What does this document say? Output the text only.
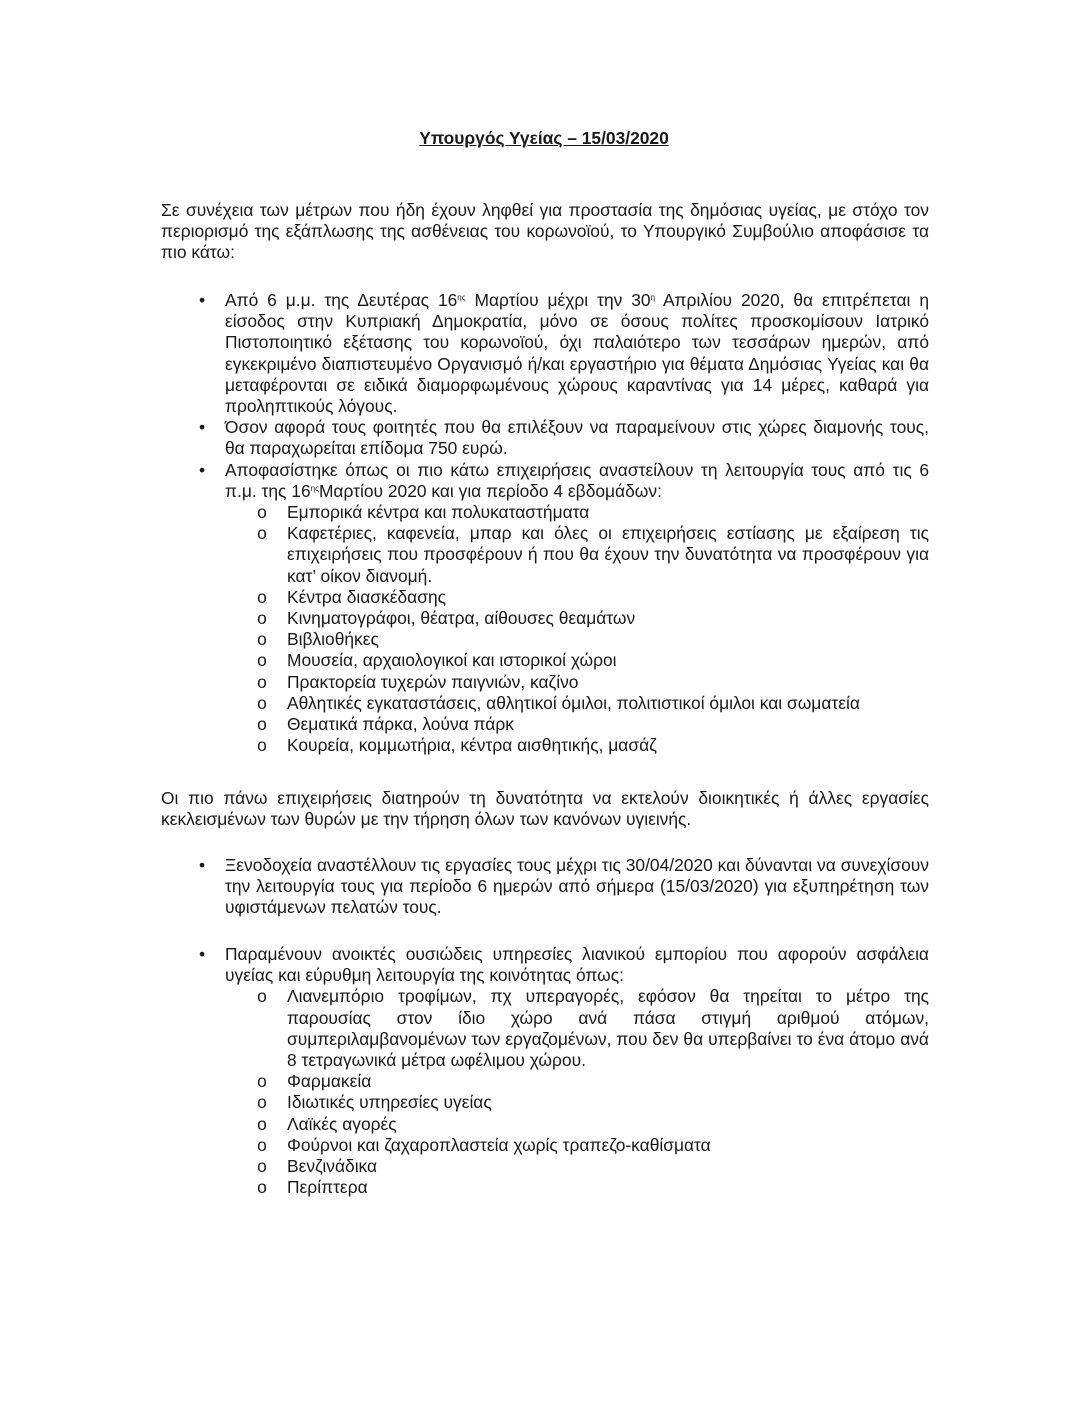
Υπουργός Υγείας – 15/03/2020

Σε συνέχεια των μέτρων που ήδη έχουν ληφθεί για προστασία της δημόσιας υγείας, με στόχο τον περιορισμό της εξάπλωσης της ασθένειας του κορωνοϊού, το Υπουργικό Συμβούλιο αποφάσισε τα πιο κάτω:

• Από 6 μ.μ. της Δευτέρας $16^{\eta\varsigma}$ Μαρτίου μέχρι την $30^\eta$ Απριλίου 2020, θα επιτρέπεται η είσοδος στην Κυπριακή Δημοκρατία, μόνο σε όσους πολίτες προσκομίσουν Ιατρικό Πιστοποιητικό εξέτασης του κορωνοϊού, όχι παλαιότερο των τεσσάρων ημερών, από εγκεκριμένο διαπιστευμένο Οργανισμό ή/και εργαστήριο για θέματα Δημόσιας Υγείας και θα μεταφέρονται σε ειδικά διαμορφωμένους χώρους καραντίνας για 14 μέρες, καθαρά για προληπτικούς λόγους.
• Όσον αφορά τους φοιτητές που θα επιλέξουν να παραμείνουν στις χώρες διαμονής τους, θα παραχωρείται επίδομα 750 ευρώ.
• Αποφασίστηκε όπως οι πιο κάτω επιχειρήσεις αναστείλουν τη λειτουργία τους από τις 6 π.μ. της $16^{\eta\varsigma}M\alpha\rho\tau ίo\upsilon$ 2020 και για περίοδο 4 εβδομάδων:
o Εμπορικά κέντρα και πολυκαταστήματα
o Καφετέριες, καφενεία, μπαρ και όλες οι επιχειρήσεις εστίασης με εξαίρεση τις επιχειρήσεις που προσφέρουν ή που θα έχουν την δυνατότητα να προσφέρουν για κατ’ οίκον διανομή.
o Κέντρα διασκέδασης
o Κινηματογράφοι, θέατρα, αίθουσες θεαμάτων
o Βιβλιοθήκες
o Μουσεία, αρχαιολογικοί και ιστορικοί χώροι
o Πρακτορεία τυχερών παιγνιών, καζίνο
o Αθλητικές εγκαταστάσεις, αθλητικοί όμιλοι, πολιτιστικοί όμιλοι και σωματεία
o Θεματικά πάρκα, λούνα πάρκ
o Κουρεία, κομμωτήρια, κέντρα αισθητικής, μασάζ

Οι πιο πάνω επιχειρήσεις διατηρούν τη δυνατότητα να εκτελούν διοικητικές ή άλλες εργασίες κεκλεισμένων των θυρών με την τήρηση όλων των κανόνων υγιεινής.

• Ξενοδοχεία αναστέλλουν τις εργασίες τους μέχρι τις 30/04/2020 και δύνανται να συνεχίσουν την λειτουργία τους για περίοδο 6 ημερών από σήμερα (15/03/2020) για εξυπηρέτηση των υφιστάμενων πελατών τους.
• Παραμένουν ανοικτές ουσιώδεις υπηρεσίες λιανικού εμπορίου που αφορούν ασφάλεια υγείας και εύρυθμη λειτουργία της κοινότητας όπως:
o Λιανεμπόριο τροφίμων, πχ υπεραγορές, εφόσον θα τηρείται το μέτρο της παρουσίας στον ίδιο χώρο ανά πάσα στιγμή αριθμού ατόμων, συμπεριλαμβανομένων των εργαζομένων, που δεν θα υπερβαίνει το ένα άτομο ανά 8 τετραγωνικά μέτρα ωφέλιμου χώρου.
o Φαρμακεία
o Ιδιωτικές υπηρεσίες υγείας
o Λαϊκές αγορές
o Φούρνοι και ζαχαροπλαστεία χωρίς τραπεζο-καθίσματα
o Βενζινάδικα
o Περίπτερα
